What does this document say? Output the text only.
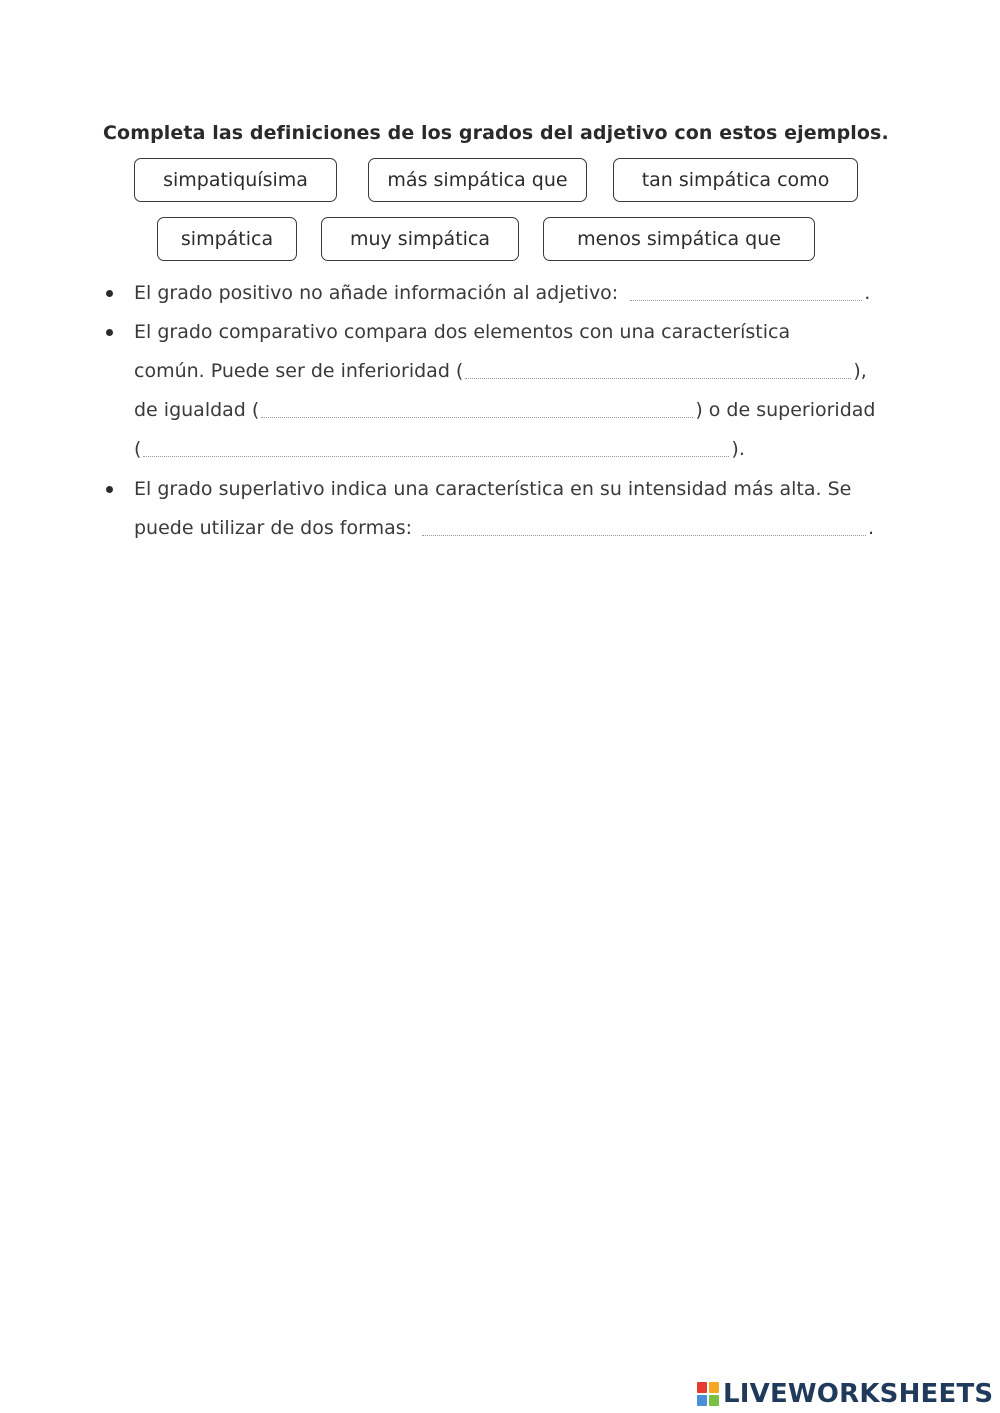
Completa las definiciones de los grados del adjetivo con estos ejemplos.
simpatiquísima	más simpática que	tan simpática como
simpática	muy simpática	menos simpática que
El grado positivo no añade información al adjetivo:	.
El grado comparativo compara dos elementos con una característica
común. Puede ser de inferioridad (	),
de igualdad (	) o de superioridad
(	).
El grado superlativo indica una característica en su intensidad más alta. Se
puede utilizar de dos formas:	.
LIVEWORKSHEETS
